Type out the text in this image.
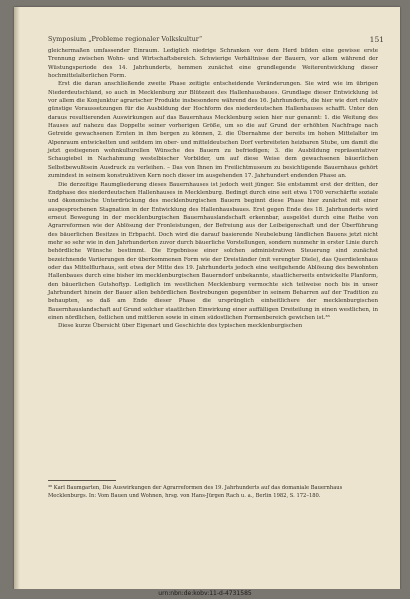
Symposium „Probleme regionaler Volkskultur“	151

gleichermaßen umfassender Einraum. Lediglich niedrige Schranken vor dem Herd bilden eine gewisse erste Trennung zwischen Wohn- und Wirtschaftsbereich. Schwierige Verhältnisse der Bauern, vor allem während der Wüstungsperiode des 14. Jahrhunderts, hemmen zunächst eine grundlegende Weiterentwicklung dieser hochmittelalterlichen Form.

Erst die daran anschließende zweite Phase zeitigte entscheidende Veränderungen. Sie wird wie im übrigen Niederdeutschland, so auch in Mecklenburg zur Blütezeit des Hallenhausbaues. Grundlage dieser Entwicklung ist vor allem die Konjunktur agrarischer Produkte insbesondere während des 16. Jahrhunderts, die hier wie dort relativ günstige Voraussetzungen für die Ausbildung der Hochform des niederdeutschen Hallenhauses schafft. Unter den daraus resultierenden Auswirkungen auf das Bauernhaus Mecklenburg seien hier nur genannt: 1. die Weitung des Hauses auf nahezu das Doppelte seiner vorherigen Größe, um so die auf Grund der erhöhten Nachfrage nach Getreide gewachsenen Ernten in ihm bergen zu können, 2. die Übernahme der bereits im hohen Mittelalter im Alpenraum entwickelten und seitdem im ober- und mitteldeutschen Dorf verbreiteten heizbaren Stube, um damit die jetzt gestiegenen wohnkulturellen Wünsche des Bauern zu befriedigen; 3. die Ausbildung repräsentativer Schaugiebel in Nachahmung westelbischer Vorbilder, um auf diese Weise dem gewachsenen bäuerlichen Selbstbewußtsein Ausdruck zu verleihen. – Das von Ihnen im Freilichtmuseum zu besichtigende Bauernhaus gehört zumindest in seinem konstruktiven Kern noch dieser im ausgehenden 17. Jahrhundert endenden Phase an.

Die derzeitige Raumgliederung dieses Bauernhauses ist jedoch weit jünger. Sie entstammt erst der dritten, der Endphase des niederdeutschen Hallenhauses in Mecklenburg. Bedingt durch eine seit etwa 1700 verschärfte soziale und ökonomische Unterdrückung des mecklenburgischen Bauern beginnt diese Phase hier zunächst mit einer ausgesprochenen Stagnation in der Entwicklung des Hallenhausbaues. Erst gegen Ende des 18. Jahrhunderts wird erneut Bewegung in der mecklenburgischen Bauernhauslandschaft erkennbar, ausgelöst durch eine Reihe von Agrarreformen wie der Ablösung der Fronleistungen, der Befreiung aus der Leibeigenschaft und der Überführung des bäuerlichen Besitzes in Erbpacht. Doch wird die darauf basierende Neubelebung ländlichen Bauens jetzt nicht mehr so sehr wie in den Jahrhunderten zuvor durch bäuerliche Vorstellungen, sondern nunmehr in erster Linie durch behördliche Wünsche bestimmt. Die Ergebnisse einer solchen administrativen Steuerung sind zunächst bezeichnende Variierungen der überkommenen Form wie der Dreiständer (mit verengter Diele), das Querdielenhaus oder das Mittelflurhaus, seit etwa der Mitte des 19. Jahrhunderts jedoch eine weitgehende Ablösung des bewohnten Hallenbaues durch eine bisher im mecklenburgischen Bauerndorf unbekannte, staatlicherseits entwickelte Planform, den bäuerlichen Gutshoftyp. Lediglich im westlichen Mecklenburg vermochte sich teilweise noch bis in unser Jahrhundert hinein der Bauer allen behördlichen Bestrebungen gegenüber in seinem Beharren auf der Tradition zu behaupten, so daß am Ende dieser Phase die ursprünglich einheitlichere der mecklenburgischen Bauernhauslandschaft auf Grund solcher staatlichen Einwirkung einer auffälligen Dreiteilung in einen westlichen, in einen nördlichen, östlichen und mittleren sowie in einen südostlichen Formenbereich gewichen ist.³⁶

Diese kurze Übersicht über Eigenart und Geschichte des typischen mecklenburgischen

³⁶ Karl Baumgarten, Die Auswirkungen der Agrarreformen des 19. Jahrhunderts auf das domaniale Bauernhaus Mecklenburgs. In: Vom Bauen und Wohnen, hrsg. von Hans-Jürgen Rach u. a., Berlin 1982, S. 172–180.

urn:nbn:de:kobv:11-d-4731585
